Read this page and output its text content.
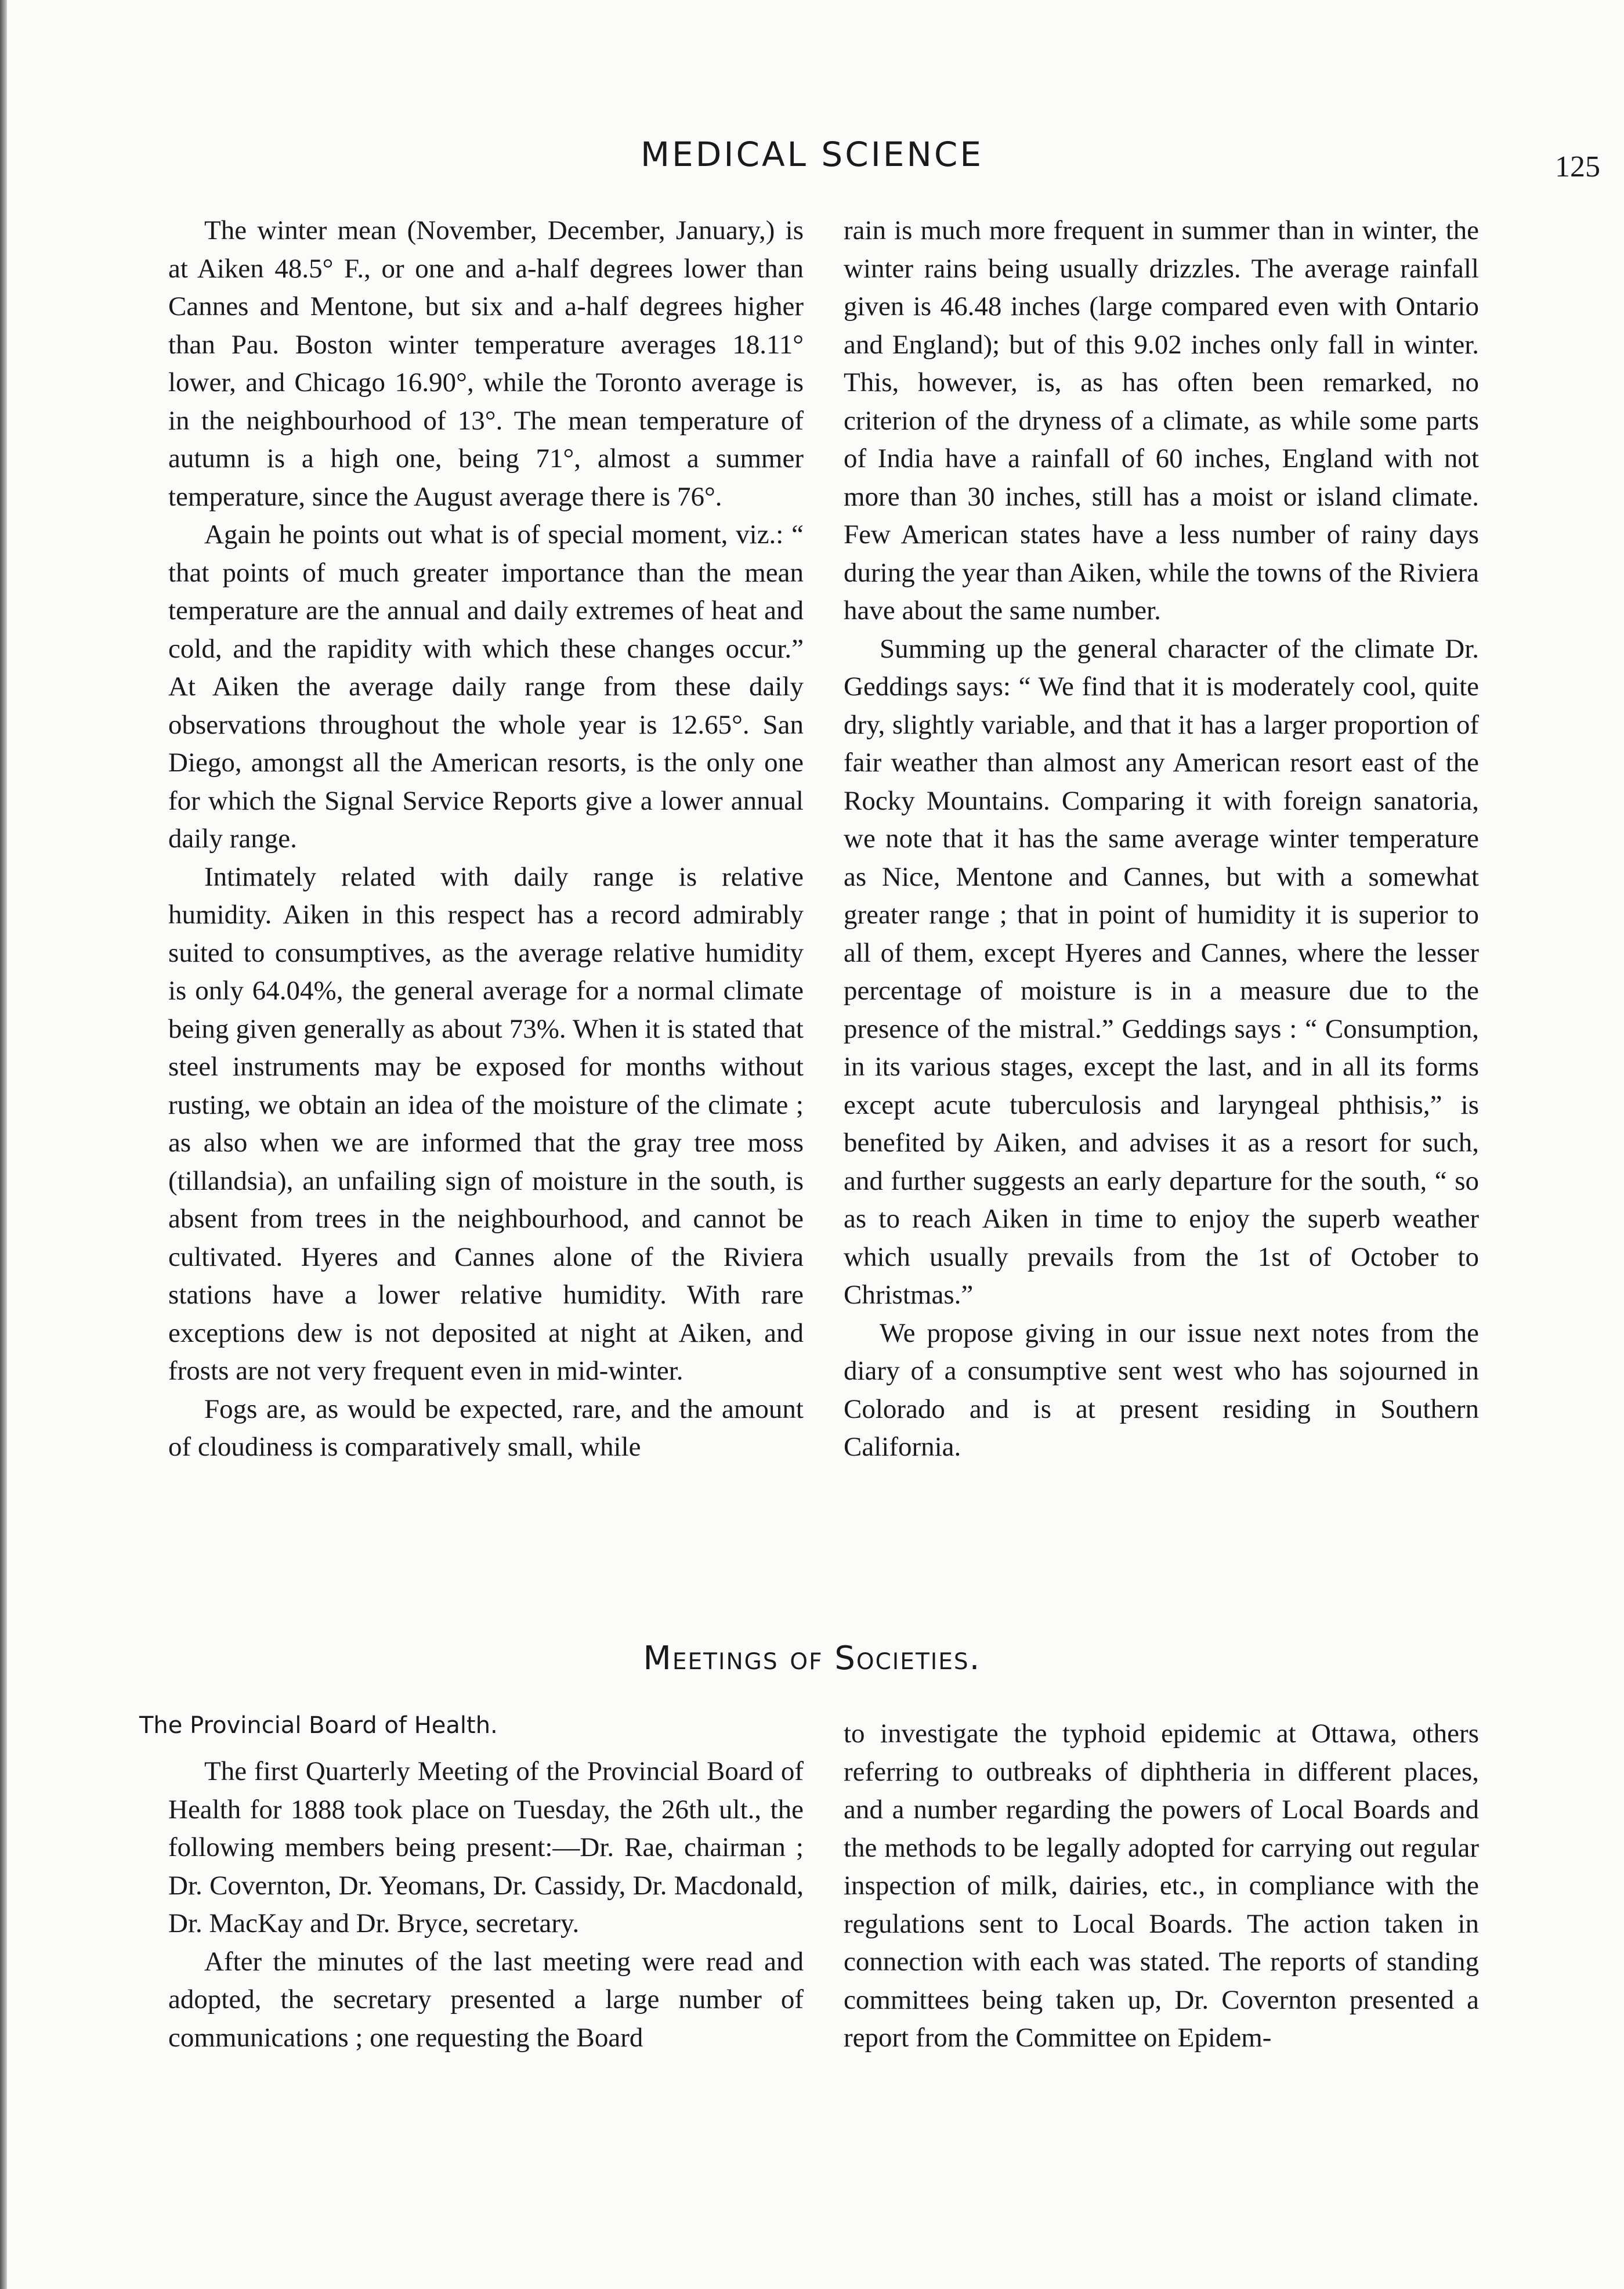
MEDICAL SCIENCE	125

The winter mean (November, December, January,) is at Aiken 48.5° F., or one and a-half degrees lower than Cannes and Mentone, but six and a-half degrees higher than Pau. Boston winter temperature averages 18.11° lower, and Chicago 16.90°, while the Toronto average is in the neighbourhood of 13°. The mean temperature of autumn is a high one, being 71°, almost a summer temperature, since the August average there is 76°.

Again he points out what is of special moment, viz.: “ that points of much greater importance than the mean temperature are the annual and daily extremes of heat and cold, and the rapidity with which these changes occur.” At Aiken the average daily range from these daily observations throughout the whole year is 12.65°. San Diego, amongst all the American resorts, is the only one for which the Signal Service Reports give a lower annual daily range.

Intimately related with daily range is relative humidity. Aiken in this respect has a record admirably suited to consumptives, as the average relative humidity is only 64.04%, the general average for a normal climate being given generally as about 73%. When it is stated that steel instruments may be exposed for months without rusting, we obtain an idea of the moisture of the climate ; as also when we are informed that the gray tree moss (tillandsia), an unfailing sign of moisture in the south, is absent from trees in the neighbourhood, and cannot be cultivated. Hyeres and Cannes alone of the Riviera stations have a lower relative humidity. With rare exceptions dew is not deposited at night at Aiken, and frosts are not very frequent even in mid-winter.

Fogs are, as would be expected, rare, and the amount of cloudiness is comparatively small, while

rain is much more frequent in summer than in winter, the winter rains being usually drizzles. The average rainfall given is 46.48 inches (large compared even with Ontario and England); but of this 9.02 inches only fall in winter. This, however, is, as has often been remarked, no criterion of the dryness of a climate, as while some parts of India have a rainfall of 60 inches, England with not more than 30 inches, still has a moist or island climate. Few American states have a less number of rainy days during the year than Aiken, while the towns of the Riviera have about the same number.

Summing up the general character of the climate Dr. Geddings says: “ We find that it is moderately cool, quite dry, slightly variable, and that it has a larger proportion of fair weather than almost any American resort east of the Rocky Mountains. Comparing it with foreign sanatoria, we note that it has the same average winter temperature as Nice, Mentone and Cannes, but with a somewhat greater range ; that in point of humidity it is superior to all of them, except Hyeres and Cannes, where the lesser percentage of moisture is in a measure due to the presence of the mistral.” Geddings says : “ Consumption, in its various stages, except the last, and in all its forms except acute tuberculosis and laryngeal phthisis,” is benefited by Aiken, and advises it as a resort for such, and further suggests an early departure for the south, “ so as to reach Aiken in time to enjoy the superb weather which usually prevails from the 1st of October to Christmas.”

We propose giving in our issue next notes from the diary of a consumptive sent west who has sojourned in Colorado and is at present residing in Southern California.

Meetings of Societies.
The Provincial Board of Health.

The first Quarterly Meeting of the Provincial Board of Health for 1888 took place on Tuesday, the 26th ult., the following members being present:—Dr. Rae, chairman ; Dr. Covernton, Dr. Yeomans, Dr. Cassidy, Dr. Macdonald, Dr. MacKay and Dr. Bryce, secretary.

After the minutes of the last meeting were read and adopted, the secretary presented a large number of communications ; one requesting the Board

to investigate the typhoid epidemic at Ottawa, others referring to outbreaks of diphtheria in different places, and a number regarding the powers of Local Boards and the methods to be legally adopted for carrying out regular inspection of milk, dairies, etc., in compliance with the regulations sent to Local Boards. The action taken in connection with each was stated. The reports of standing committees being taken up, Dr. Covernton presented a report from the Committee on Epidem-
